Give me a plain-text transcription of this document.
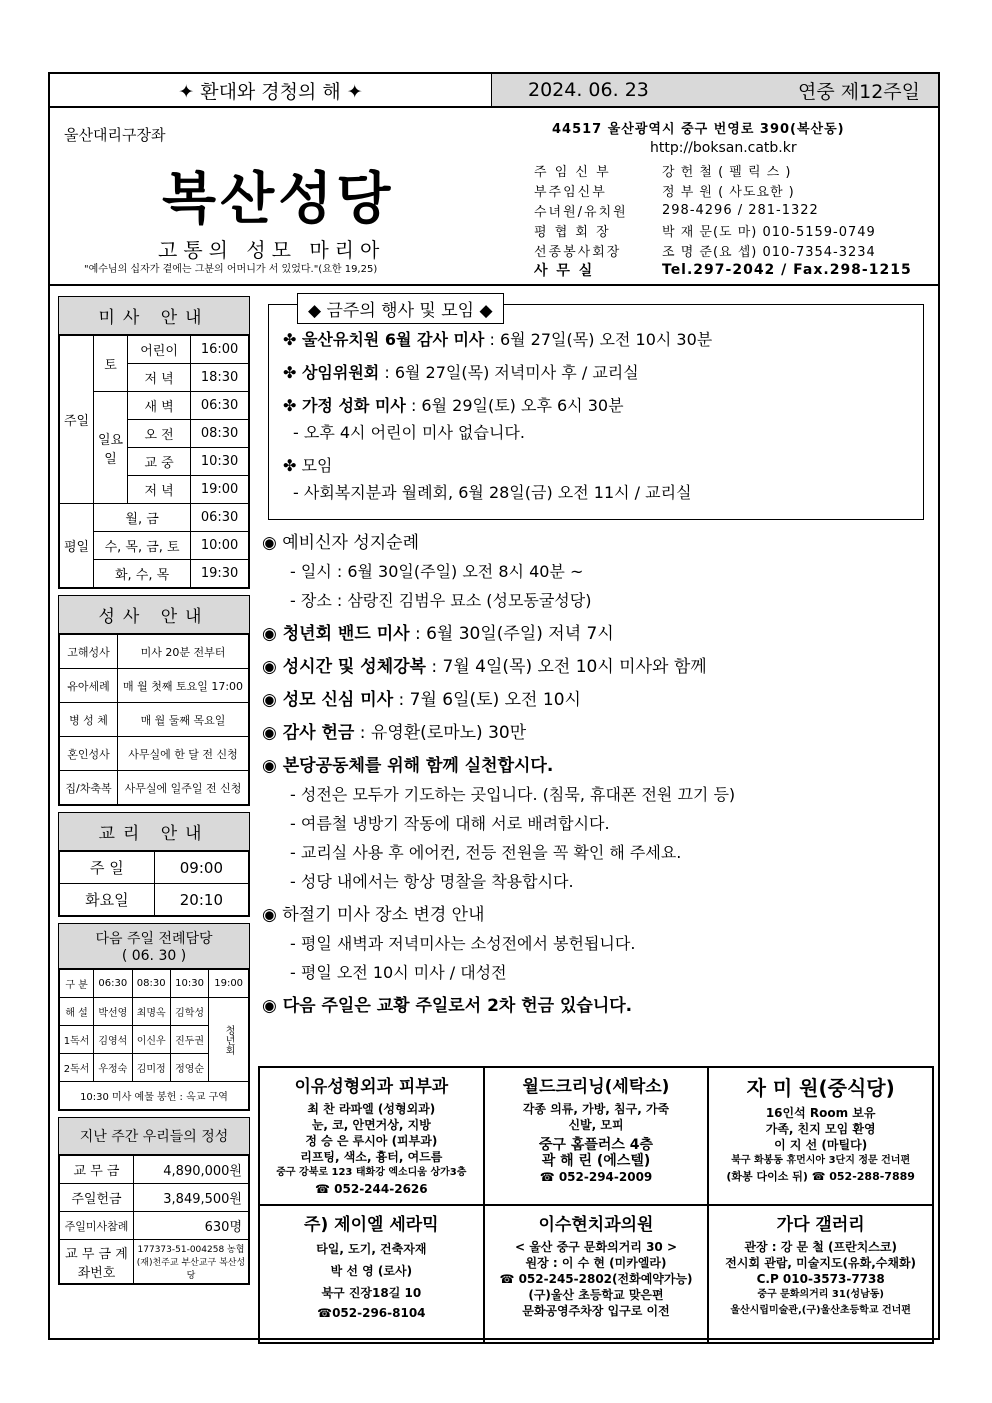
✦ 환대와 경청의 해 ✦	2024. 06. 23	연중 제12주일
울산대리구장좌
복산성당
고통의 성모 마리아
"예수님의 십자가 곁에는 그분의 어머니가 서 있었다."(요한 19,25)
44517 울산광역시 중구 번영로 390(복산동)
http://boksan.catb.kr
주 임 신 부	강 헌 철 ( 펠 릭 스 )
부주임신부	정 부 원 ( 사도요한 )
수녀원/유치원	298-4296 / 281-1322
평 협 회 장	박 재 문(도 마) 010-5159-0749
선종봉사회장	조 명 준(요 셉) 010-7354-3234
사 무 실	Tel.297-2042 / Fax.298-1215
미사 안내
주일	토	어린이	16:00
		저 녁	18:30
	일요일	새 벽	06:30
		오 전	08:30
		교 중	10:30
		저 녁	19:00
평일	월, 금		06:30
	수, 목, 금, 토		10:00
	화, 수, 목		19:30
성사 안내
고해성사	미사 20분 전부터
유아세례	매 월 첫째 토요일 17:00
병 성 체	매 월 둘째 목요일
혼인성사	사무실에 한 달 전 신청
집/차축복	사무실에 일주일 전 신청
교리 안내
주 일	09:00
화요일	20:10
다음 주일 전례담당
( 06. 30 )
구 분	06:30	08:30	10:30	19:00
해 설	박선영	최명옥	김학성	청년회
1독서	김영석	이신우	진두권	
2독서	우정숙	김미정	정영순	
10:30 미사 예물 봉헌 : 옥교 구역				
지난 주간 우리들의 정성
교 무 금	4,890,000원
주일헌금	3,849,500원
주일미사참례	630명
교 무 금 계좌번호	177373-51-004258 농협 (재)천주교 부산교구 복산성당
◆ 금주의 행사 및 모임 ◆
✤ 울산유치원 6월 감사 미사 : 6월 27일(목) 오전 10시 30분
✤ 상임위원회 : 6월 27일(목) 저녁미사 후 / 교리실
✤ 가정 성화 미사 : 6월 29일(토) 오후 6시 30분
- 오후 4시 어린이 미사 없습니다.
✤ 모임
- 사회복지분과 월례회, 6월 28일(금) 오전 11시 / 교리실
◉ 예비신자 성지순례
- 일시 : 6월 30일(주일) 오전 8시 40분 ~
- 장소 : 삼랑진 김범우 묘소 (성모동굴성당)
◉ 청년회 밴드 미사 : 6월 30일(주일) 저녁 7시
◉ 성시간 및 성체강복 : 7월 4일(목) 오전 10시 미사와 함께
◉ 성모 신심 미사 : 7월 6일(토) 오전 10시
◉ 감사 헌금 : 유영환(로마노) 30만
◉ 본당공동체를 위해 함께 실천합시다.
- 성전은 모두가 기도하는 곳입니다. (침묵, 휴대폰 전원 끄기 등)
- 여름철 냉방기 작동에 대해 서로 배려합시다.
- 교리실 사용 후 에어컨, 전등 전원을 꼭 확인 해 주세요.
- 성당 내에서는 항상 명찰을 착용합시다.
◉ 하절기 미사 장소 변경 안내
- 평일 새벽과 저녁미사는 소성전에서 봉헌됩니다.
- 평일 오전 10시 미사 / 대성전
◉ 다음 주일은 교황 주일로서 2차 헌금 있습니다.
이유성형외과 피부과
최 찬 라파엘 (성형외과)
눈, 코, 안면거상, 지방
정 승 은 루시아 (피부과)
리프팅, 색소, 흉터, 여드름
중구 강북로 123 태화강 엑소디움 상가3층
☎ 052-244-2626
월드크리닝(세탁소)
각종 의류, 가방, 침구, 가죽
신발, 모피
중구 홈플러스 4층
곽 해 린 (에스텔)
☎ 052-294-2009
자 미 원(중식당)
16인석 Room 보유
가족, 친지 모임 환영
이 지 선 (마틸다)
북구 화봉동 휴먼시아 3단지 정문 건너편
(화봉 다이소 뒤) ☎ 052-288-7889
주) 제이엘 세라믹
타일, 도기, 건축자재
박 선 영 (로사)
북구 진장18길 10
☎052-296-8104
이수현치과의원
< 울산 중구 문화의거리 30 >
원장 : 이 수 현 (미카엘라)
☎ 052-245-2802(전화예약가능)
(구)울산 초등학교 맞은편
문화공영주차장 입구로 이전
가다 갤러리
관장 : 강 문 철 (프란치스코)
전시회 관람, 미술지도(유화,수채화)
C.P 010-3573-7738
중구 문화의거리 31(성남동)
울산시립미술관,(구)울산초등학교 건너편
